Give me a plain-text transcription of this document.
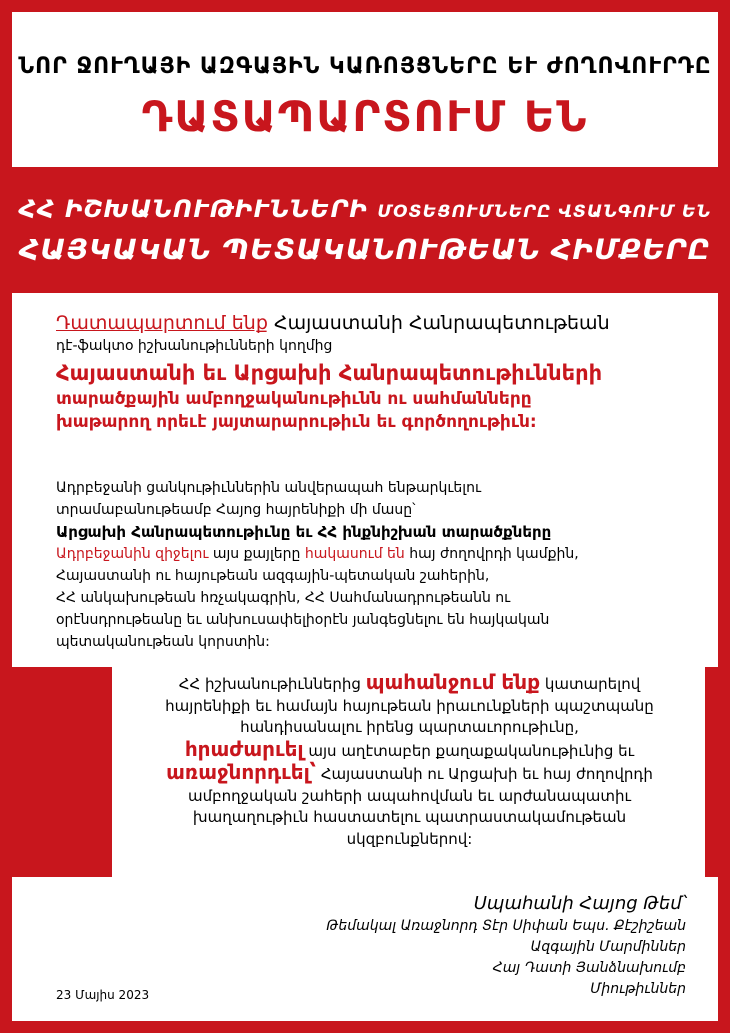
ՆՈՐ ՋՈՒՂԱՅԻ ԱԶԳԱՅԻՆ ԿԱՌՈՅՑՆԵՐԸ ԵՒ ԺՈՂՈՎՈՒՐԴԸ
ԴԱՏԱՊԱՐՏՈՒՄ ԵՆ
ՀՀ ԻՇԽԱՆՈՒԹԻՒՆՆԵՐԻ ՄՕՏԵՑՈՒՄՆԵՐԸ ՎՏԱՆԳՈՒՄ ԵՆ
ՀԱՅԿԱԿԱՆ ՊԵՏԱԿԱՆՈՒԹԵԱՆ ՀԻՄՔԵՐԸ
Դատապարտում ենք Հայաստանի Հանրապետութեան
դէ-ֆակտօ իշխանութիւնների կողմից
Հայաստանի եւ Արցախի Հանրապետութիւնների
տարածքային ամբողջականութիւնն ու սահմանները
խաթարող որեւէ յայտարարութիւն եւ գործողութիւն:
Ադրբեջանի ցանկութիւններին անվերապահ ենթարկւելու
տրամաբանութեամբ Հայոց հայրենիքի մի մասը՝
Արցախի Հանրապետութիւնը եւ ՀՀ ինքնիշխան տարածքները
Ադրբեջանին զիջելու այս քայլերը հակասում են հայ ժողովրդի կամքին,
Հայաստանի ու հայութեան ազգային-պետական շահերին,
ՀՀ անկախութեան հռչակագրին, ՀՀ Սահմանադրութեանն ու
օրէնսդրութեանը եւ անխուսափելիօրէն յանգեցնելու են հայկական
պետականութեան կորստին:
ՀՀ իշխանութիւններից պահանջում ենք կատարելով
հայրենիքի եւ համայն հայութեան իրաւունքների պաշտպանը
հանդիսանալու իրենց պարտաւորութիւնը,
հրաժարւել այս աղէտաբեր քաղաքականութիւնից եւ
առաջնորդւել՝ Հայաստանի ու Արցախի եւ հայ ժողովրդի
ամբողջական շահերի ապահովման եւ արժանապատիւ
խաղաղութիւն հաստատելու պատրաստակամութեան
սկզբունքներով:
Սպահանի Հայոց Թեմ՝
Թեմակալ Առաջնորդ Տէր Սիփան Եպս. Քէշիշեան
Ազգային Մարմիններ
Հայ Դատի Յանձնախումբ
Միութիւններ
23 Մայիս 2023
